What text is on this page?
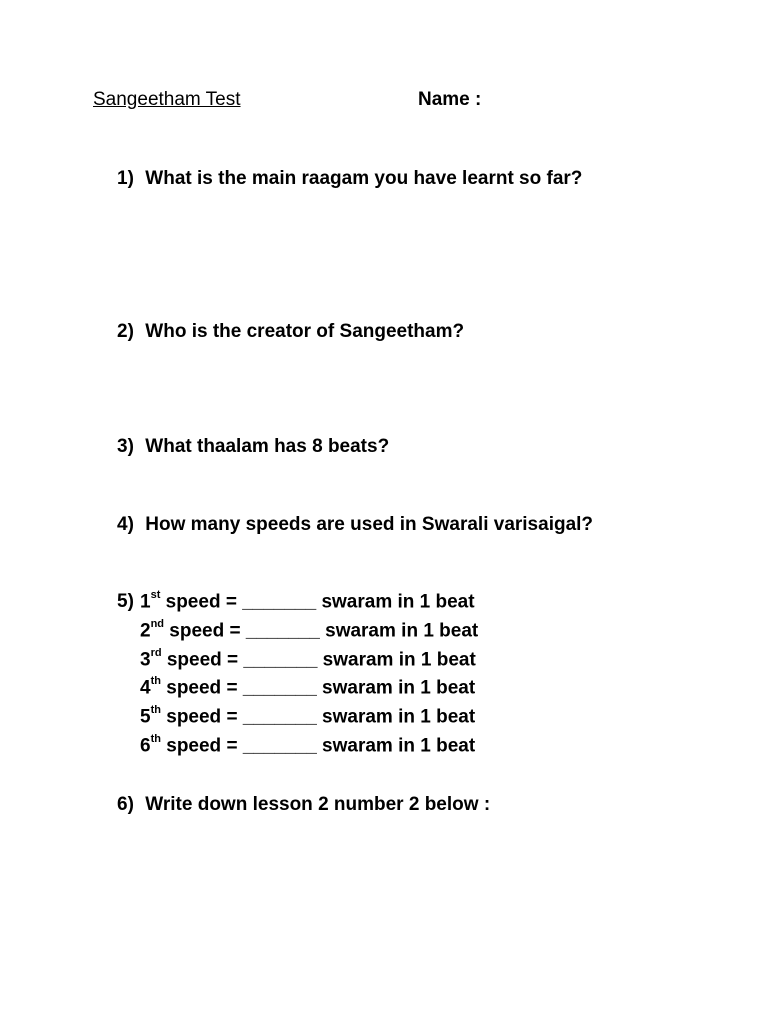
Sangeetham Test	Name :
1) What is the main raagam you have learnt so far?
2) Who is the creator of Sangeetham?
3) What thaalam has 8 beats?
4) How many speeds are used in Swarali varisaigal?
5) 1st speed = _______ swaram in 1 beat
2nd speed = _______ swaram in 1 beat
3rd speed = _______ swaram in 1 beat
4th speed = _______ swaram in 1 beat
5th speed = _______ swaram in 1 beat
6th speed = _______ swaram in 1 beat
6) Write down lesson 2 number 2 below :
